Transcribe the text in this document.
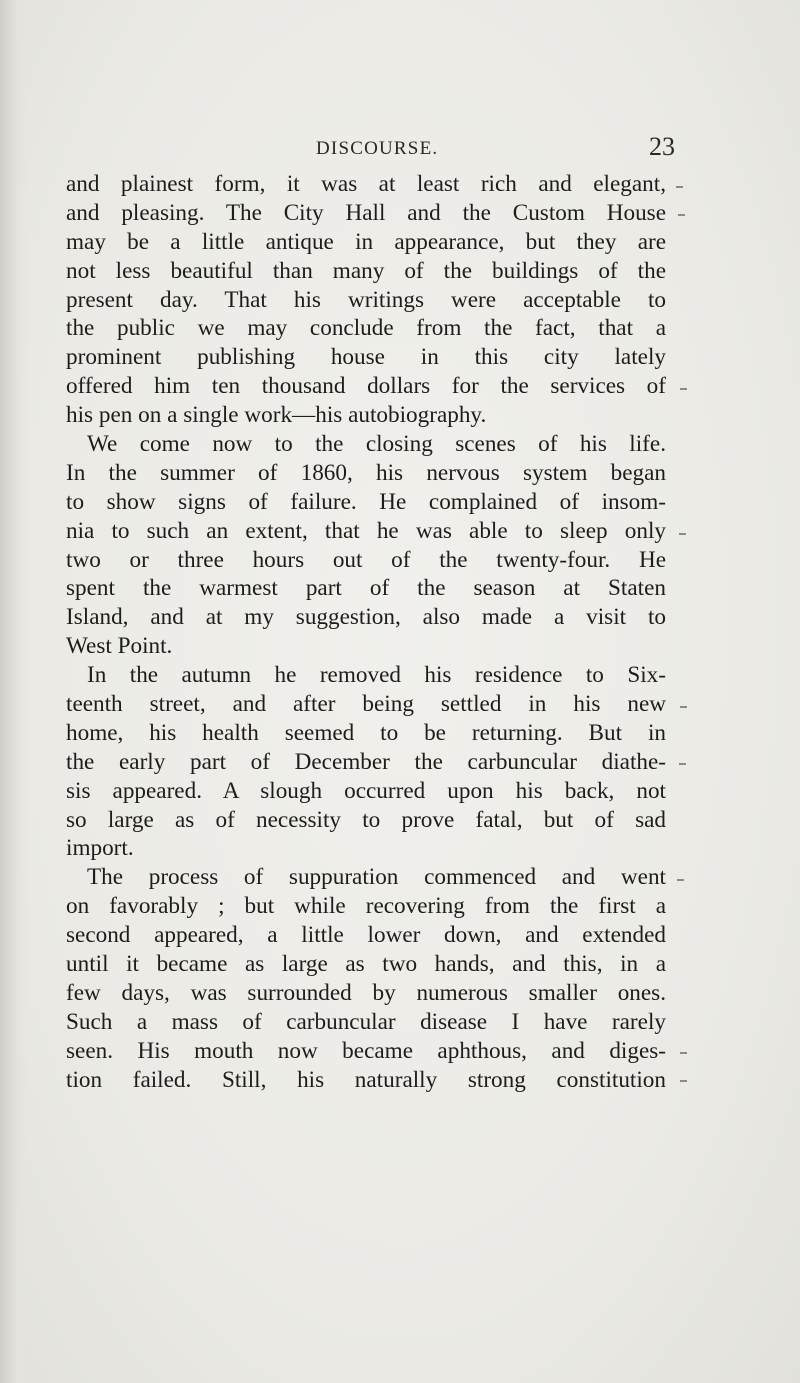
DISCOURSE.	23
and plainest form, it was at least rich and elegant,
and pleasing. The City Hall and the Custom House
may be a little antique in appearance, but they are
not less beautiful than many of the buildings of the
present day. That his writings were acceptable to
the public we may conclude from the fact, that a
prominent publishing house in this city lately
offered him ten thousand dollars for the services of
his pen on a single work—his autobiography.
We come now to the closing scenes of his life.
In the summer of 1860, his nervous system began
to show signs of failure. He complained of insom-
nia to such an extent, that he was able to sleep only
two or three hours out of the twenty-four. He
spent the warmest part of the season at Staten
Island, and at my suggestion, also made a visit to
West Point.
In the autumn he removed his residence to Six-
teenth street, and after being settled in his new
home, his health seemed to be returning. But in
the early part of December the carbuncular diathe-
sis appeared. A slough occurred upon his back, not
so large as of necessity to prove fatal, but of sad
import.
The process of suppuration commenced and went
on favorably ; but while recovering from the first a
second appeared, a little lower down, and extended
until it became as large as two hands, and this, in a
few days, was surrounded by numerous smaller ones.
Such a mass of carbuncular disease I have rarely
seen. His mouth now became aphthous, and diges-
tion failed. Still, his naturally strong constitution
